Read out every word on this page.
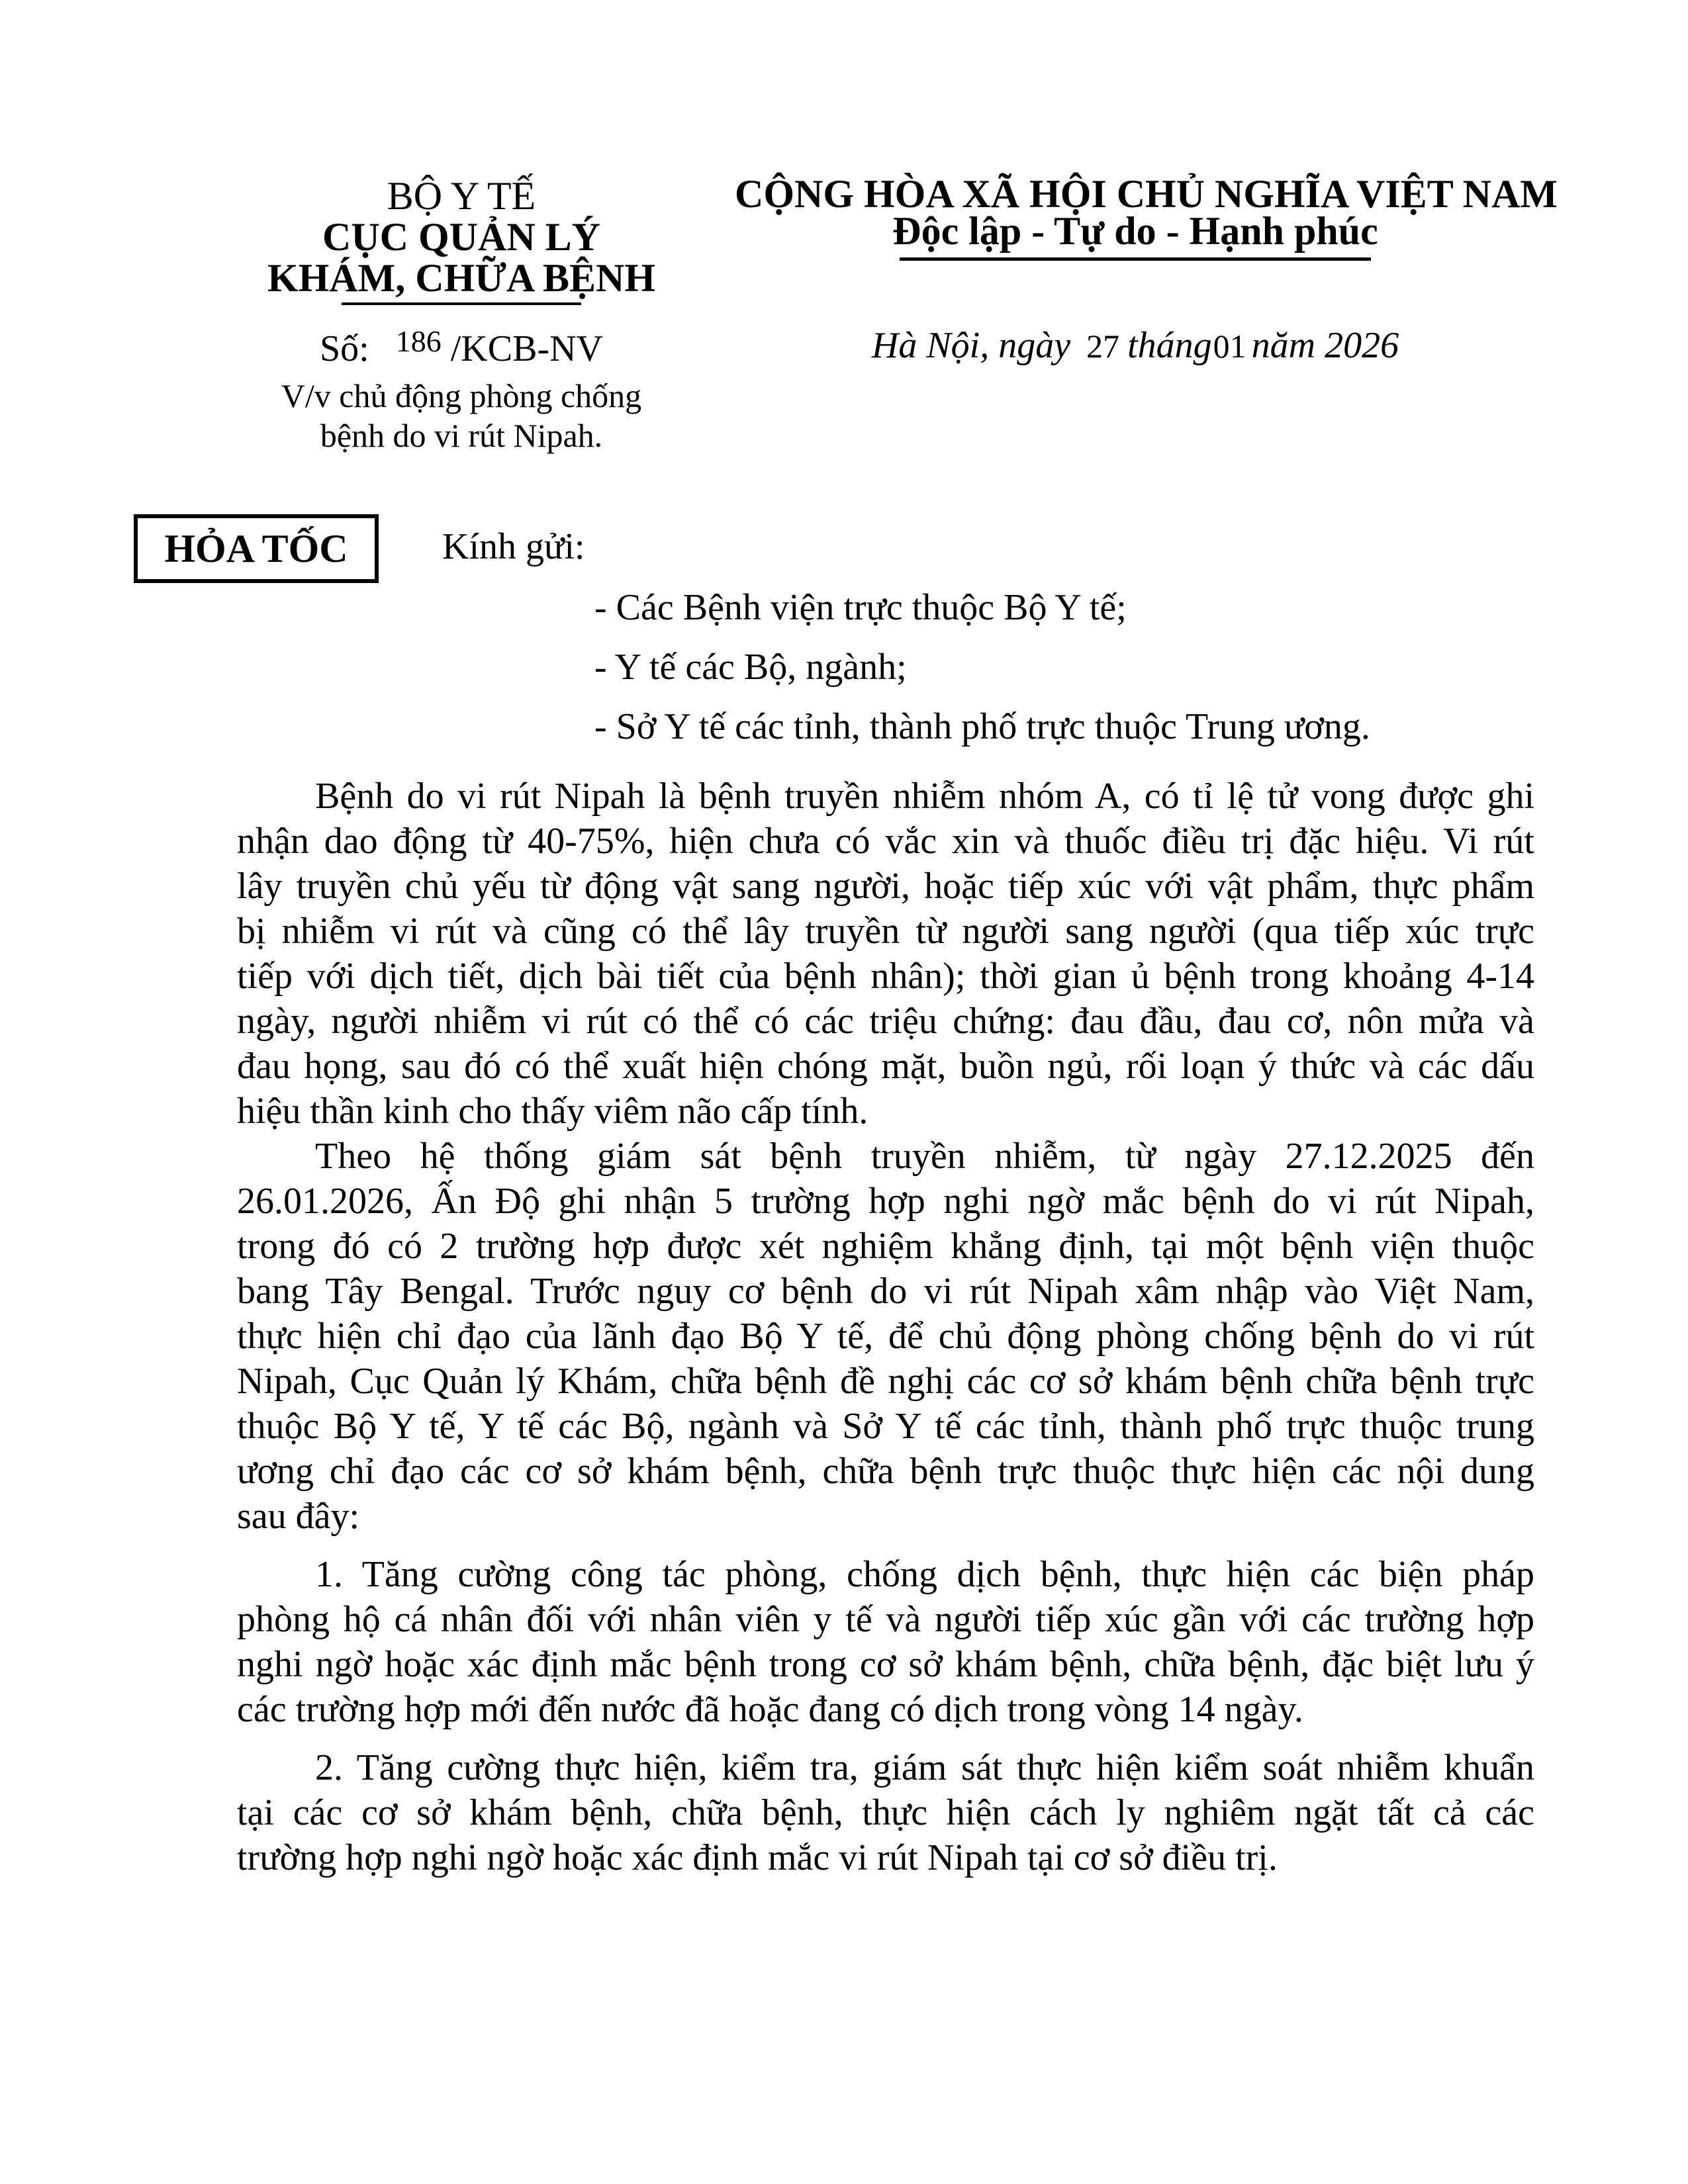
BỘ Y TẾ
CỤC QUẢN LÝ
KHÁM, CHỮA BỆNH
Số: $^{186}$ /KCB-NV
V/v chủ động phòng chống
bệnh do vi rút Nipah.
CỘNG HÒA XÃ HỘI CHỦ NGHĨA VIỆT NAM
Độc lập - Tự do - Hạnh phúc
Hà Nội, ngày 27 tháng01 năm 2026
HỎA TỐC	Kính gửi:
- Các Bệnh viện trực thuộc Bộ Y tế;
- Y tế các Bộ, ngành;
- Sở Y tế các tỉnh, thành phố trực thuộc Trung ương.
Bệnh do vi rút Nipah là bệnh truyền nhiễm nhóm A, có tỉ lệ tử vong được ghi
nhận dao động từ 40-75%, hiện chưa có vắc xin và thuốc điều trị đặc hiệu. Vi rút
lây truyền chủ yếu từ động vật sang người, hoặc tiếp xúc với vật phẩm, thực phẩm
bị nhiễm vi rút và cũng có thể lây truyền từ người sang người (qua tiếp xúc trực
tiếp với dịch tiết, dịch bài tiết của bệnh nhân); thời gian ủ bệnh trong khoảng 4-14
ngày, người nhiễm vi rút có thể có các triệu chứng: đau đầu, đau cơ, nôn mửa và
đau họng, sau đó có thể xuất hiện chóng mặt, buồn ngủ, rối loạn ý thức và các dấu
hiệu thần kinh cho thấy viêm não cấp tính.
Theo hệ thống giám sát bệnh truyền nhiễm, từ ngày 27.12.2025 đến
26.01.2026, Ấn Độ ghi nhận 5 trường hợp nghi ngờ mắc bệnh do vi rút Nipah,
trong đó có 2 trường hợp được xét nghiệm khẳng định, tại một bệnh viện thuộc
bang Tây Bengal. Trước nguy cơ bệnh do vi rút Nipah xâm nhập vào Việt Nam,
thực hiện chỉ đạo của lãnh đạo Bộ Y tế, để chủ động phòng chống bệnh do vi rút
Nipah, Cục Quản lý Khám, chữa bệnh đề nghị các cơ sở khám bệnh chữa bệnh trực
thuộc Bộ Y tế, Y tế các Bộ, ngành và Sở Y tế các tỉnh, thành phố trực thuộc trung
ương chỉ đạo các cơ sở khám bệnh, chữa bệnh trực thuộc thực hiện các nội dung
sau đây:
1. Tăng cường công tác phòng, chống dịch bệnh, thực hiện các biện pháp
phòng hộ cá nhân đối với nhân viên y tế và người tiếp xúc gần với các trường hợp
nghi ngờ hoặc xác định mắc bệnh trong cơ sở khám bệnh, chữa bệnh, đặc biệt lưu ý
các trường hợp mới đến nước đã hoặc đang có dịch trong vòng 14 ngày.
2. Tăng cường thực hiện, kiểm tra, giám sát thực hiện kiểm soát nhiễm khuẩn
tại các cơ sở khám bệnh, chữa bệnh, thực hiện cách ly nghiêm ngặt tất cả các
trường hợp nghi ngờ hoặc xác định mắc vi rút Nipah tại cơ sở điều trị.
